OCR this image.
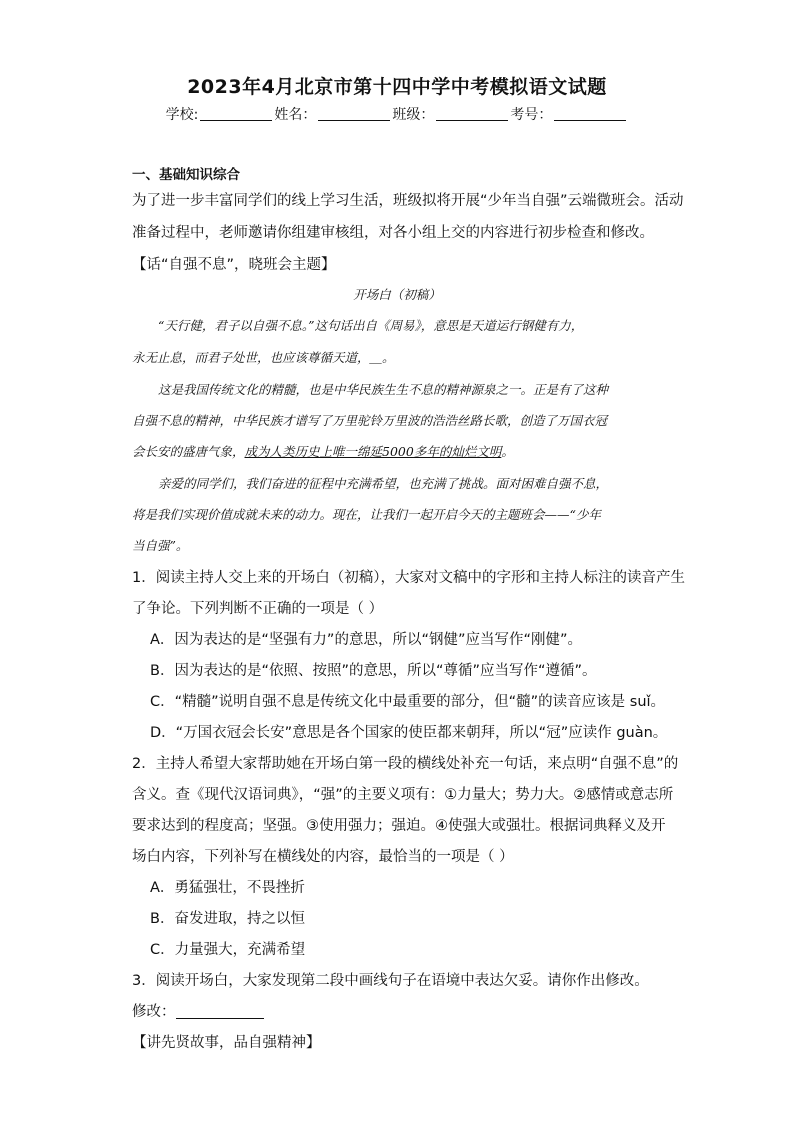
2023年4月北京市第十四中学中考模拟语文试题
学校:	姓名：	班级：	考号：
一、基础知识综合
为了进一步丰富同学们的线上学习生活，班级拟将开展“少年当自强”云端微班会。活动
准备过程中，老师邀请你组建审核组，对各小组上交的内容进行初步检查和修改。
【话“自强不息”，晓班会主题】
开场白（初稿）
“天行健，君子以自强不息。”这句话出自《周易》，意思是天道运行钢健有力，
永无止息，而君子处世，也应该尊循天道，＿。
这是我国传统文化的精髓，也是中华民族生生不息的精神源泉之一。正是有了这种
自强不息的精神，中华民族才谱写了万里驼铃万里波的浩浩丝路长歌，创造了万国衣冠
会长安的盛唐气象，成为人类历史上唯一绵延5000多年的灿烂文明。
亲爱的同学们，我们奋进的征程中充满希望，也充满了挑战。面对困难自强不息，
将是我们实现价值成就未来的动力。现在，让我们一起开启今天的主题班会——“少年
当自强”。
1．阅读主持人交上来的开场白（初稿），大家对文稿中的字形和主持人标注的读音产生
了争论。下列判断不正确的一项是（ ）
A．因为表达的是“坚强有力”的意思，所以“钢健”应当写作“刚健”。
B．因为表达的是“依照、按照”的意思，所以“尊循”应当写作“遵循”。
C．“精髓”说明自强不息是传统文化中最重要的部分，但“髓”的读音应该是 suǐ。
D．“万国衣冠会长安”意思是各个国家的使臣都来朝拜，所以“冠”应读作 guàn。
2．主持人希望大家帮助她在开场白第一段的横线处补充一句话，来点明“自强不息”的
含义。查《现代汉语词典》，“强”的主要义项有：①力量大；势力大。②感情或意志所
要求达到的程度高；坚强。③使用强力；强迫。④使强大或强壮。根据词典释义及开
场白内容，下列补写在横线处的内容，最恰当的一项是（ ）
A．勇猛强壮，不畏挫折
B．奋发进取，持之以恒
C．力量强大，充满希望
3．阅读开场白，大家发现第二段中画线句子在语境中表达欠妥。请你作出修改。
修改：
【讲先贤故事，品自强精神】
